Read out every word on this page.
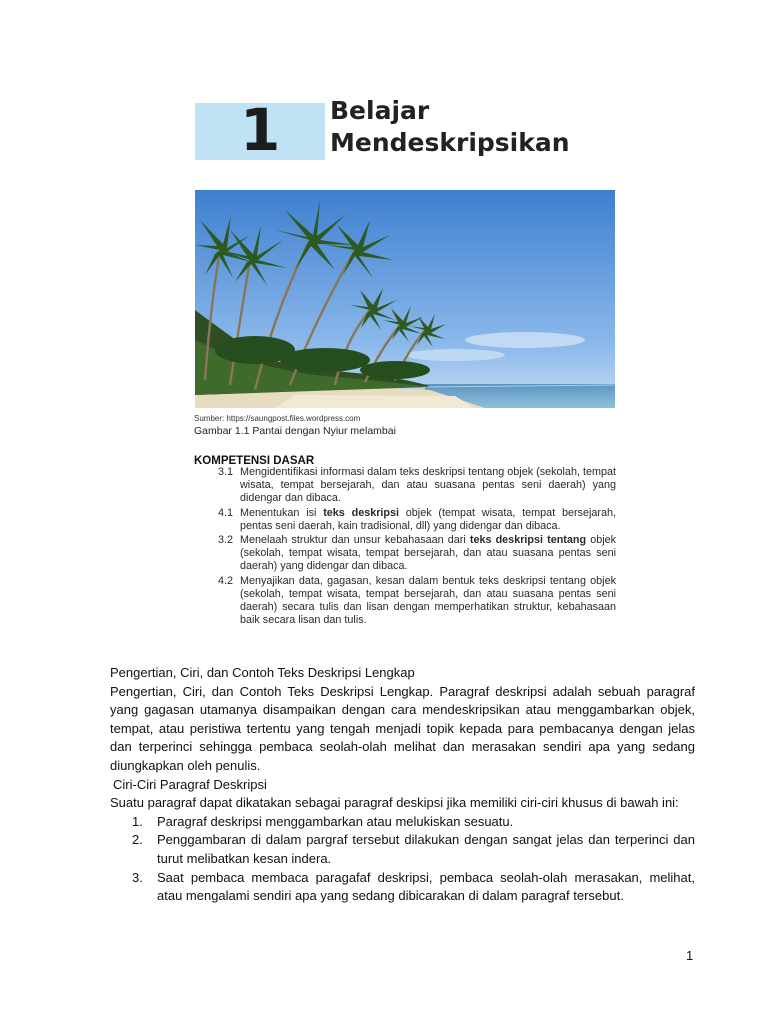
1 Belajar
Mendeskripsikan
Sumber: https://saungpost.files.wordpress.com
Gambar 1.1 Pantai dengan Nyiur melambai
KOMPETENSI DASAR
3.1 Mengidentifikasi informasi dalam teks deskripsi tentang objek (sekolah, tempat wisata, tempat bersejarah, dan atau suasana pentas seni daerah) yang didengar dan dibaca.
4.1 Menentukan isi teks deskripsi objek (tempat wisata, tempat bersejarah, pentas seni daerah, kain tradisional, dll) yang didengar dan dibaca.
3.2 Menelaah struktur dan unsur kebahasaan dari teks deskripsi tentang objek (sekolah, tempat wisata, tempat bersejarah, dan atau suasana pentas seni daerah) yang didengar dan dibaca.
4.2 Menyajikan data, gagasan, kesan dalam bentuk teks deskripsi tentang objek (sekolah, tempat wisata, tempat bersejarah, dan atau suasana pentas seni daerah) secara tulis dan lisan dengan memperhatikan struktur, kebahasaan baik secara lisan dan tulis.

Pengertian, Ciri, dan Contoh Teks Deskripsi Lengkap

Pengertian, Ciri, dan Contoh Teks Deskripsi Lengkap. Paragraf deskripsi adalah sebuah paragraf yang gagasan utamanya disampaikan dengan cara mendeskripsikan atau menggambarkan objek, tempat, atau peristiwa tertentu yang tengah menjadi topik kepada para pembacanya dengan jelas dan terperinci sehingga pembaca seolah-olah melihat dan merasakan sendiri apa yang sedang diungkapkan oleh penulis.

Ciri-Ciri Paragraf Deskripsi

Suatu paragraf dapat dikatakan sebagai paragraf deskipsi jika memiliki ciri-ciri khusus di bawah ini:

1. Paragraf deskripsi menggambarkan atau melukiskan sesuatu.
2. Penggambaran di dalam pargraf tersebut dilakukan dengan sangat jelas dan terperinci dan turut melibatkan kesan indera.
3. Saat pembaca membaca paragafaf deskripsi, pembaca seolah-olah merasakan, melihat, atau mengalami sendiri apa yang sedang dibicarakan di dalam paragraf tersebut.
1
